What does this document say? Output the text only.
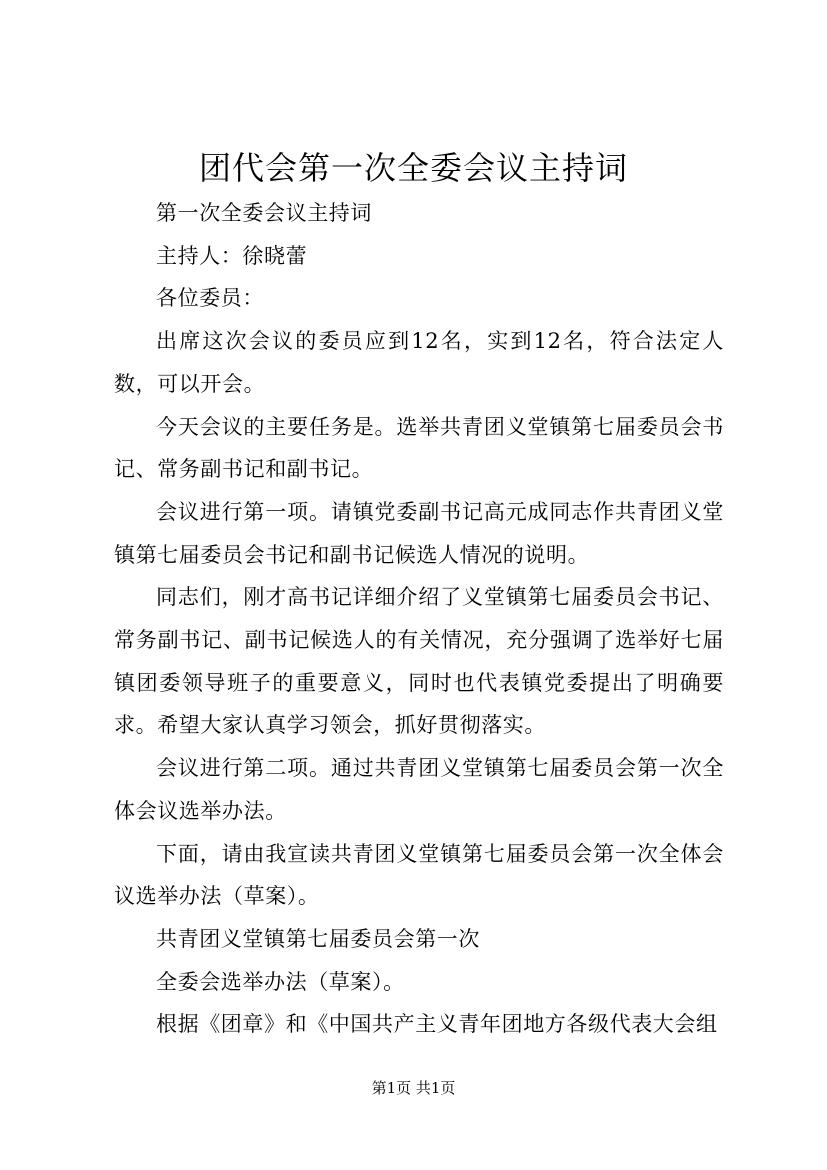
团代会第一次全委会议主持词

第一次全委会议主持词

主持人：徐晓蕾

各位委员：

出席这次会议的委员应到12名，实到12名，符合法定人数，可以开会。

今天会议的主要任务是。选举共青团义堂镇第七届委员会书记、常务副书记和副书记。

会议进行第一项。请镇党委副书记高元成同志作共青团义堂镇第七届委员会书记和副书记候选人情况的说明。

同志们，刚才高书记详细介绍了义堂镇第七届委员会书记、常务副书记、副书记候选人的有关情况，充分强调了选举好七届镇团委领导班子的重要意义，同时也代表镇党委提出了明确要求。希望大家认真学习领会，抓好贯彻落实。

会议进行第二项。通过共青团义堂镇第七届委员会第一次全体会议选举办法。

下面，请由我宣读共青团义堂镇第七届委员会第一次全体会议选举办法（草案）。

共青团义堂镇第七届委员会第一次

全委会选举办法（草案）。

根据《团章》和《中国共产主义青年团地方各级代表大会组

第1页 共1页
